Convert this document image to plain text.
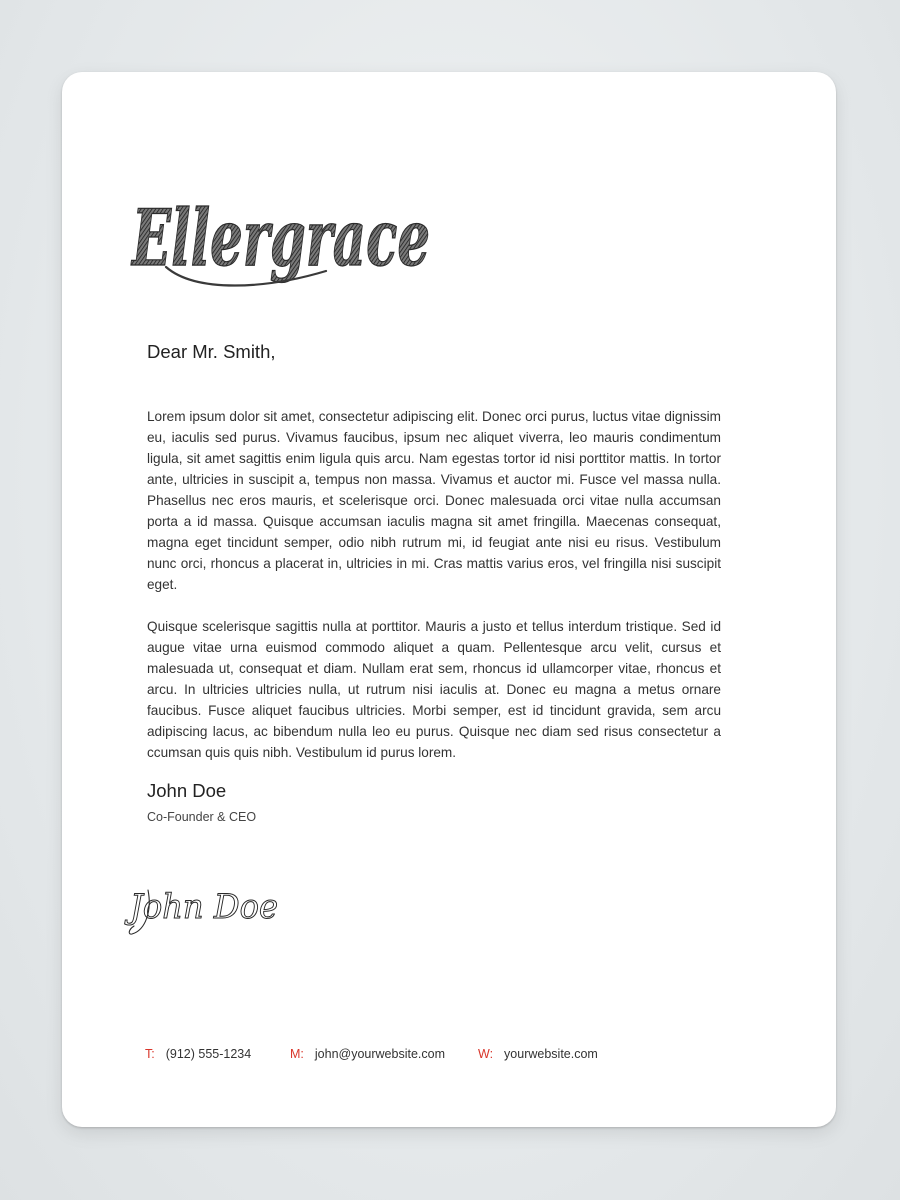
Ellergrace

Dear Mr. Smith,

Lorem ipsum dolor sit amet, consectetur adipiscing elit. Donec orci purus, luctus vitae dignissim eu, iaculis sed purus. Vivamus faucibus, ipsum nec aliquet viverra, leo mauris condimentum ligula, sit amet sagittis enim ligula quis arcu. Nam egestas tortor id nisi porttitor mattis. In tortor ante, ultricies in suscipit a, tempus non massa. Vivamus et auctor mi. Fusce vel massa nulla. Phasellus nec eros mauris, et scelerisque orci. Donec malesuada orci vitae nulla accumsan porta a id massa. Quisque accumsan iaculis magna sit amet fringilla. Maecenas consequat, magna eget tincidunt semper, odio nibh rutrum mi, id feugiat ante nisi eu risus. Vestibulum nunc orci, rhoncus a placerat in, ultricies in mi. Cras mattis varius eros, vel fringilla nisi suscipit eget.

Quisque scelerisque sagittis nulla at porttitor. Mauris a justo et tellus interdum tristique. Sed id augue vitae urna euismod commodo aliquet a quam. Pellentesque arcu velit, cursus et malesuada ut, consequat et diam. Nullam erat sem, rhoncus id ullamcorper vitae, rhoncus et arcu. In ultricies ultricies nulla, ut rutrum nisi iaculis at. Donec eu magna a metus ornare faucibus. Fusce aliquet faucibus ultricies. Morbi semper, est id tincidunt gravida, sem arcu adipiscing lacus, ac bibendum nulla leo eu purus. Quisque nec diam sed risus consectetur a ccumsan quis quis nibh. Vestibulum id purus lorem.

John Doe

Co-Founder & CEO

John Doe
T: (912) 555-1234	M: john@yourwebsite.com	W: yourwebsite.com
